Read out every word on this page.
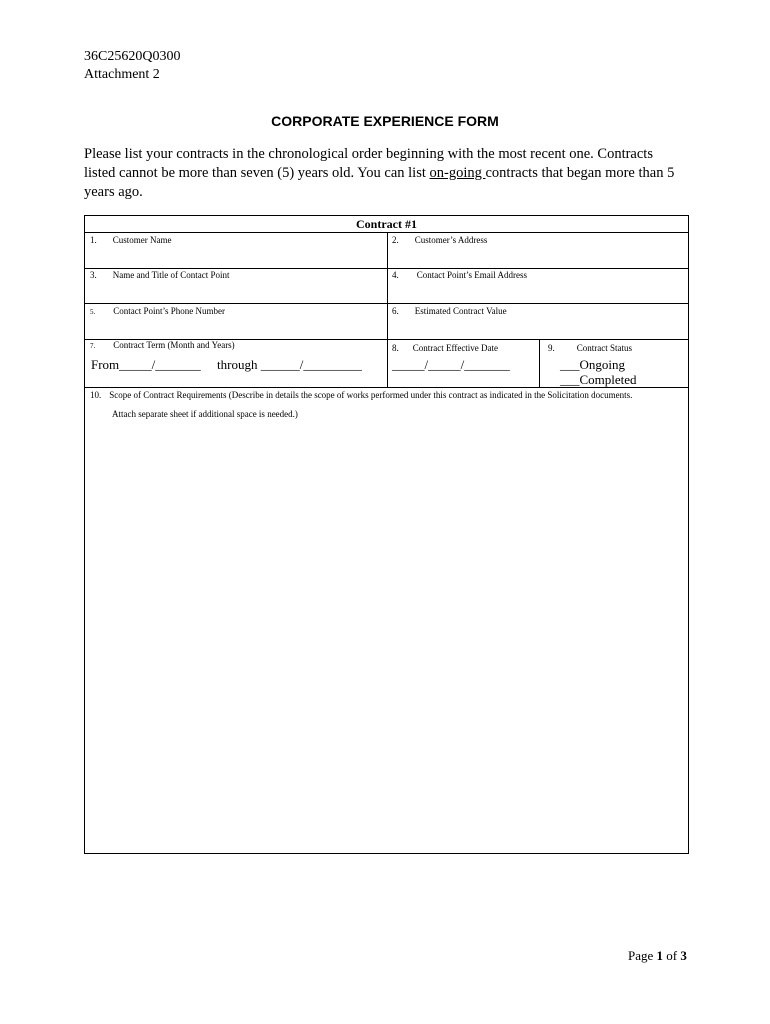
36C25620Q0300
Attachment 2
CORPORATE EXPERIENCE FORM
Please list your contracts in the chronological order beginning with the most recent one. Contracts listed cannot be more than seven (5) years old. You can list on-going contracts that began more than 5 years ago.
Contract #1
1. Customer Name	2. Customer’s Address
3. Name and Title of Contact Point	4. Contact Point’s Email Address
5. Contact Point’s Phone Number	6. Estimated Contract Value
7. Contract Term (Month and Years)
From_____/_______     through ______/_________
8. Contract Effective Date
_____/_____/_______
9. Contract Status
___Ongoing
___Completed
10. Scope of Contract Requirements (Describe in details the scope of works performed under this contract as indicated in the Solicitation documents.
Attach separate sheet if additional space is needed.)
Page 1 of 3
